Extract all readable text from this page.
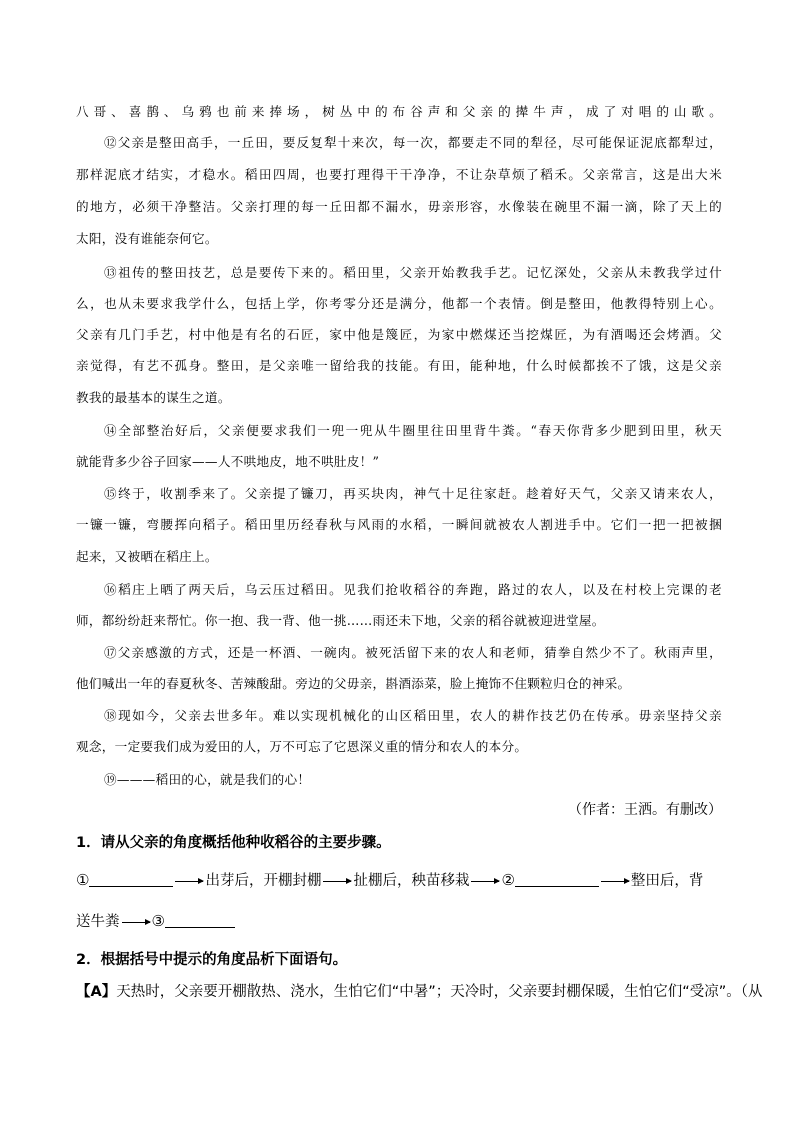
八哥、喜鹊、乌鸦也前来捧场，树丛中的布谷声和父亲的撵牛声，成了对唱的山歌。
⑫父亲是整田高手，一丘田，要反复犁十来次，每一次，都要走不同的犁径，尽可能保证泥底都犁过，
那样泥底才结实，才稳水。稻田四周，也要打理得干干净净，不让杂草烦了稻禾。父亲常言，这是出大米
的地方，必须干净整洁。父亲打理的每一丘田都不漏水，毋亲形容，水像装在碗里不漏一滴，除了天上的
太阳，没有谁能奈何它。
⑬祖传的整田技艺，总是要传下来的。稻田里，父亲开始教我手艺。记忆深处，父亲从未教我学过什
么，也从未要求我学什么，包括上学，你考零分还是满分，他都一个表情。倒是整田，他教得特别上心。
父亲有几门手艺，村中他是有名的石匠，家中他是篾匠，为家中燃煤还当挖煤匠，为有酒喝还会烤酒。父
亲觉得，有艺不孤身。整田，是父亲唯一留给我的技能。有田，能种地，什么时候都挨不了饿，这是父亲
教我的最基本的谋生之道。
⑭全部整治好后，父亲便要求我们一兜一兜从牛圈里往田里背牛粪。“春天你背多少肥到田里，秋天
就能背多少谷子回家——人不哄地皮，地不哄肚皮！”
⑮终于，收割季来了。父亲提了镰刀，再买块肉，神气十足往家赶。趁着好天气，父亲又请来农人，
一镰一镰，弯腰挥向稻子。稻田里历经春秋与风雨的水稻，一瞬间就被农人割进手中。它们一把一把被捆
起来，又被晒在稻庄上。
⑯稻庄上晒了两天后，乌云压过稻田。见我们抢收稻谷的奔跑，路过的农人，以及在村校上完课的老
师，都纷纷赶来帮忙。你一抱、我一背、他一挑……雨还未下地，父亲的稻谷就被迎进堂屋。
⑰父亲感激的方式，还是一杯酒、一碗肉。被死活留下来的农人和老师，猜拳自然少不了。秋雨声里，
他们喊出一年的春夏秋冬、苦辣酸甜。旁边的父毋亲，斟酒添菜，脸上掩饰不住颗粒归仓的神采。
⑱现如今，父亲去世多年。难以实现机械化的山区稻田里，农人的耕作技艺仍在传承。毋亲坚持父亲
观念，一定要我们成为爱田的人，万不可忘了它恩深义重的情分和农人的本分。
⑲———稻田的心，就是我们的心！
（作者：王洒。有删改）
1．请从父亲的角度概括他种收稻谷的主要步骤。
①	出芽后，开棚封棚 扯棚后，秧苗移栽 ②	整田后，背
送牛粪 ③
2．根据括号中提示的角度品析下面语句。
【A】天热时，父亲要开棚散热、浇水，生怕它们“中暑”；天冷时，父亲要封棚保暖，生怕它们“受凉”。（从
